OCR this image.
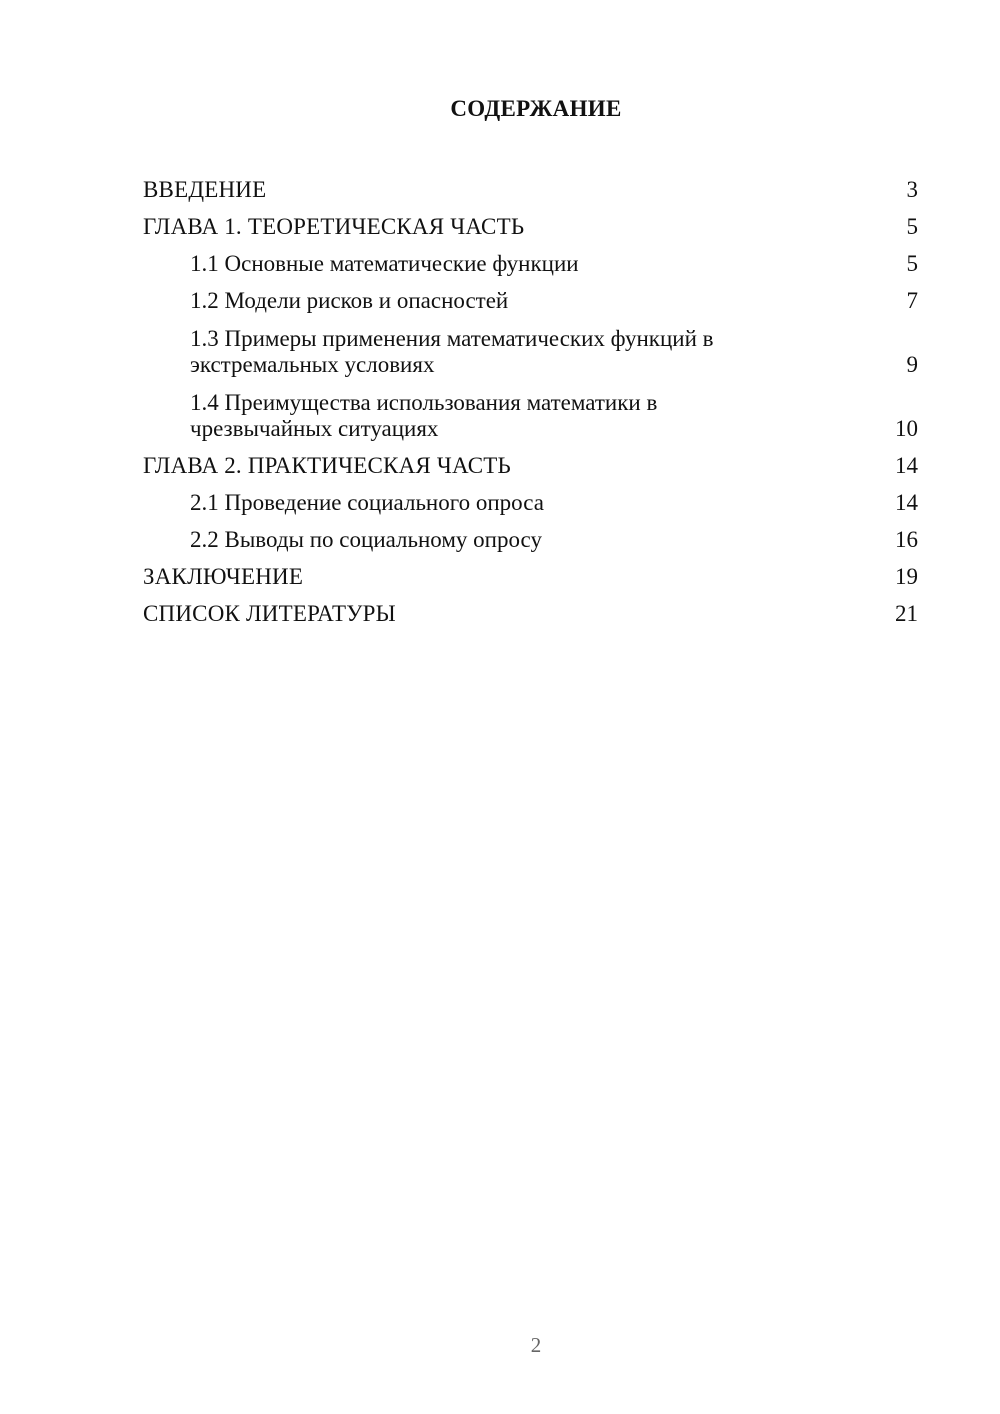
СОДЕРЖАНИЕ
ВВЕДЕНИЕ	3
ГЛАВА 1. ТЕОРЕТИЧЕСКАЯ ЧАСТЬ	5
1.1 Основные математические функции	5
1.2 Модели рисков и опасностей	7
1.3 Примеры применения математических функций в экстремальных условиях	9
1.4 Преимущества использования математики в чрезвычайных ситуациях	10
ГЛАВА 2. ПРАКТИЧЕСКАЯ ЧАСТЬ	14
2.1 Проведение социального опроса	14
2.2 Выводы по социальному опросу	16
ЗАКЛЮЧЕНИЕ	19
СПИСОК ЛИТЕРАТУРЫ	21
2
